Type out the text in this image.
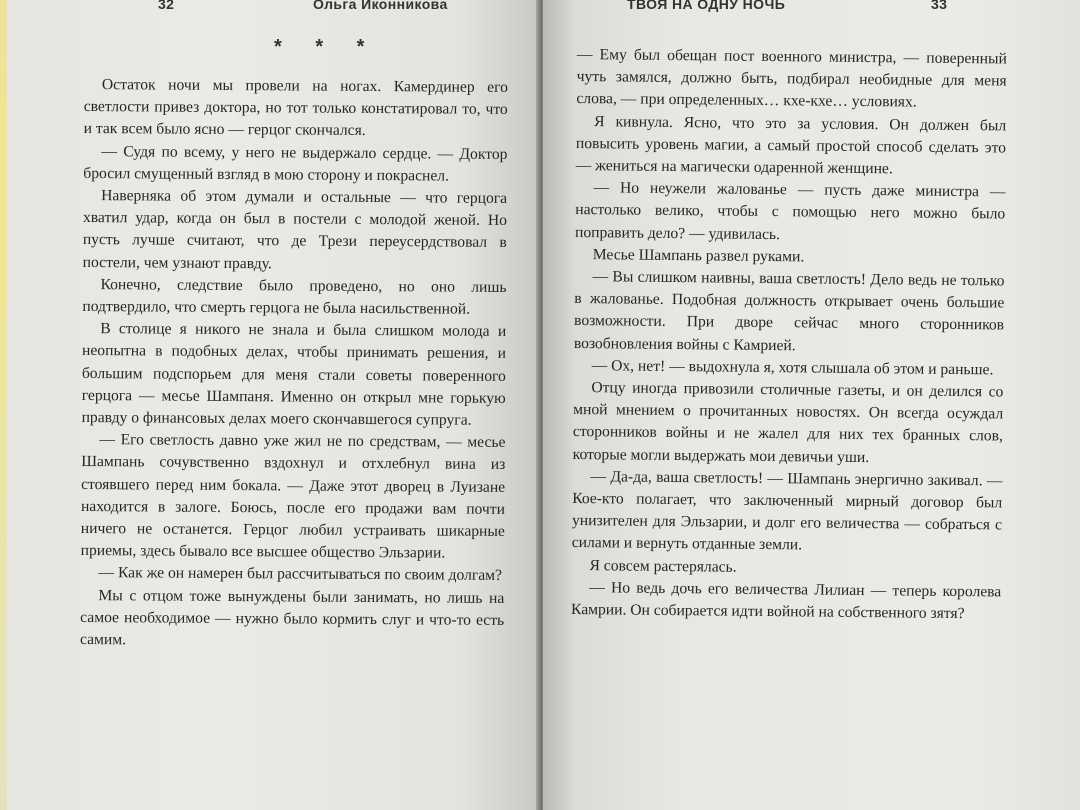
32	Ольга Иконникова
* * *

Остаток ночи мы провели на ногах. Камердинер его светлости привез доктора, но тот только констатировал то, что и так всем было ясно — герцог скончался.

— Судя по всему, у него не выдержало сердце. — Доктор бросил смущенный взгляд в мою сторону и покраснел.

Наверняка об этом думали и остальные — что герцога хватил удар, когда он был в постели с молодой женой. Но пусть лучше считают, что де Трези переусердствовал в постели, чем узнают правду.

Конечно, следствие было проведено, но оно лишь подтвердило, что смерть герцога не была насильственной.

В столице я никого не знала и была слишком молода и неопытна в подобных делах, чтобы принимать решения, и большим подспорьем для меня стали советы поверенного герцога — месье Шампаня. Именно он открыл мне горькую правду о финансовых делах моего скончавшегося супруга.

— Его светлость давно уже жил не по средствам, — месье Шампань сочувственно вздохнул и отхлебнул вина из стоявшего перед ним бокала. — Даже этот дворец в Луизане находится в залоге. Боюсь, после его продажи вам почти ничего не останется. Герцог любил устраивать шикарные приемы, здесь бывало все высшее общество Эльзарии.

— Как же он намерен был рассчитываться по своим долгам?

Мы с отцом тоже вынуждены были занимать, но лишь на самое необходимое — нужно было кормить слуг и что-то есть самим.

ТВОЯ НА ОДНУ НОЧЬ	33

— Ему был обещан пост военного министра, — поверенный чуть замялся, должно быть, подбирал необидные для меня слова, — при определенных… кхе-кхе… условиях.

Я кивнула. Ясно, что это за условия. Он должен был повысить уровень магии, а самый простой способ сделать это — жениться на магически одаренной женщине.

— Но неужели жалованье — пусть даже министра — настолько велико, чтобы с помощью него можно было поправить дело? — удивилась.

Месье Шампань развел руками.

— Вы слишком наивны, ваша светлость! Дело ведь не только в жалованье. Подобная должность открывает очень большие возможности. При дворе сейчас много сторонников возобновления войны с Камрией.

— Ох, нет! — выдохнула я, хотя слышала об этом и раньше.

Отцу иногда привозили столичные газеты, и он делился со мной мнением о прочитанных новостях. Он всегда осуждал сторонников войны и не жалел для них тех бранных слов, которые могли выдержать мои девичьи уши.

— Да-да, ваша светлость! — Шампань энергично закивал. — Кое-кто полагает, что заключенный мирный договор был унизителен для Эльзарии, и долг его величества — собраться с силами и вернуть отданные земли.

Я совсем растерялась.

— Но ведь дочь его величества Лилиан — теперь королева Камрии. Он собирается идти войной на собственного зятя?
